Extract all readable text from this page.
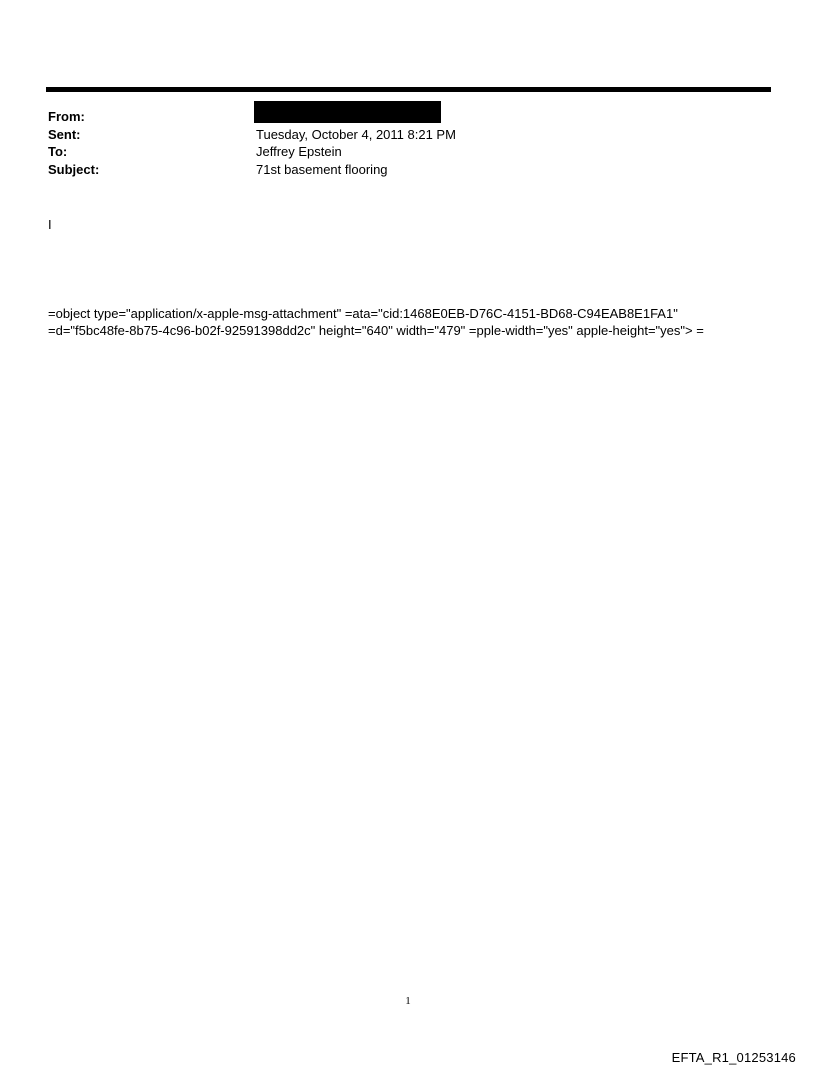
From:
Sent:	Tuesday, October 4, 2011 8:21 PM
To:	Jeffrey Epstein
Subject:	71st basement flooring
I
=object type="application/x-apple-msg-attachment" =ata="cid:1468E0EB-D76C-4151-BD68-C94EAB8E1FA1"
=d="f5bc48fe-8b75-4c96-b02f-92591398dd2c" height="640" width="479" =pple-width="yes" apple-height="yes"> =
1
EFTA_R1_01253146
